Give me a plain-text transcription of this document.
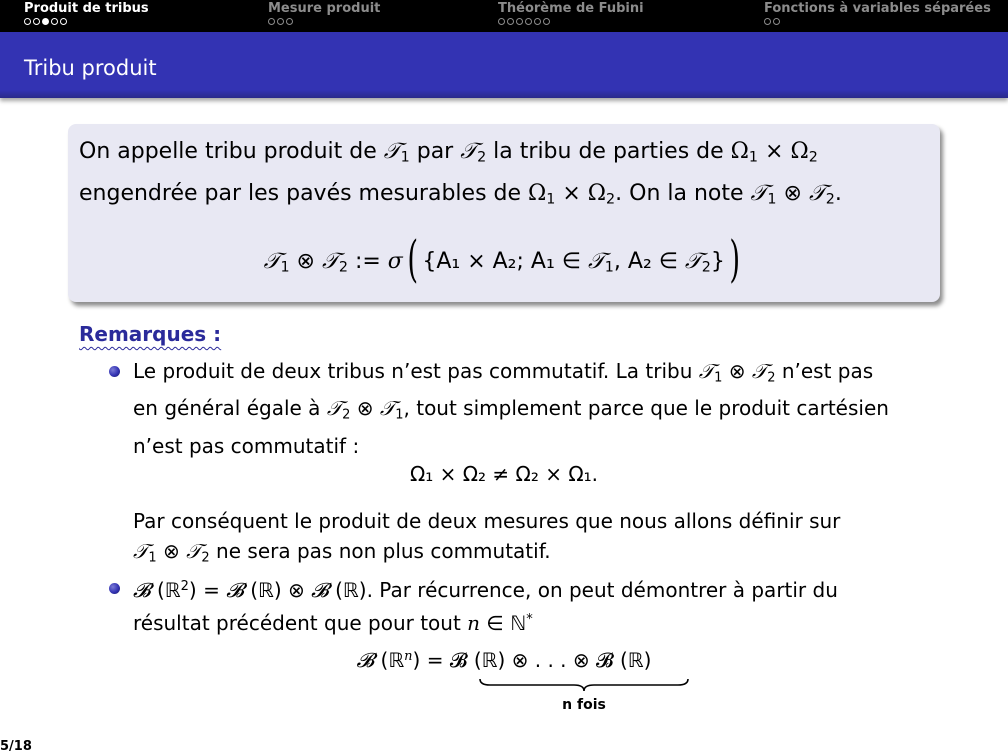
Produit de tribus	Mesure produit	Théorème de Fubini	Fonctions à variables séparées
Tribu produit
On appelle tribu produit de 𝒯$_1$ par 𝒯$_2$ la tribu de parties de $\Omega_1 \times \Omega_2$
engendrée par les pavés mesurables de $\Omega_1 \times \Omega_2$. On la note 𝒯$_1$ ⊗ 𝒯$_2$.
𝒯$_1$ ⊗ 𝒯$_2$ := σ( {A₁ × A₂; A₁ ∈ 𝒯$_1$, A₂ ∈ 𝒯$_2$})
Remarques :
Le produit de deux tribus n’est pas commutatif. La tribu 𝒯$_1$ ⊗ 𝒯$_2$ n’est pas
en général égale à 𝒯$_2$ ⊗ 𝒯$_1$, tout simplement parce que le produit cartésien
n’est pas commutatif :
Ω₁ × Ω₂ ≠ Ω₂ × Ω₁.
Par conséquent le produit de deux mesures que nous allons définir sur
𝒯$_1$ ⊗ 𝒯$_2$ ne sera pas non plus commutatif.
𝓑 (ℝ$^2$) = 𝓑 (ℝ) ⊗ 𝓑 (ℝ). Par récurrence, on peut démontrer à partir du
résultat précédent que pour tout n ∈ ℕ*
𝓑 (ℝ$^n$) = 𝓑 (ℝ) ⊗ . . . ⊗ 𝓑 (ℝ)
n fois
5/18
